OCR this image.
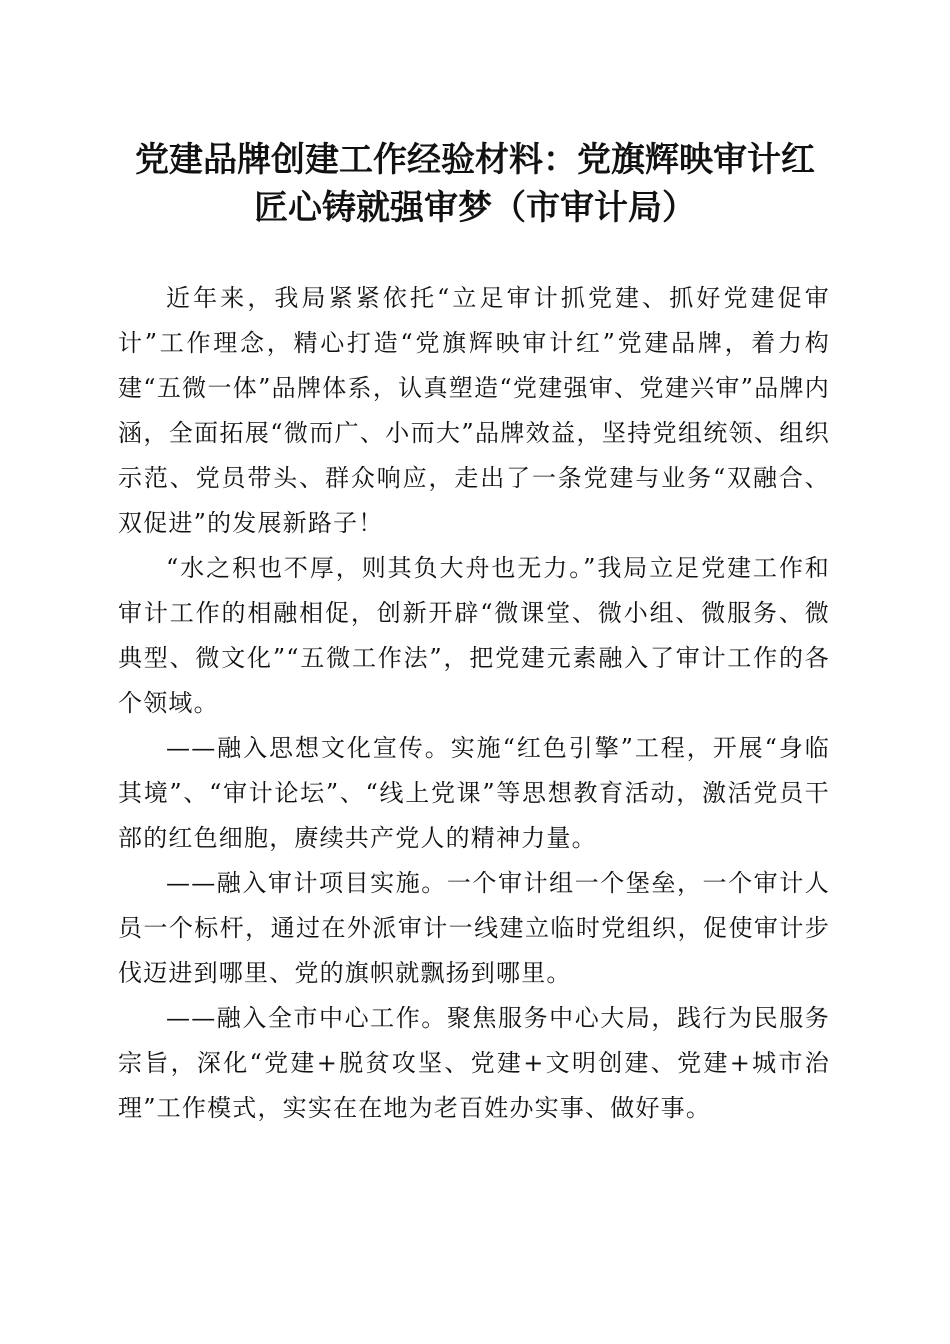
党建品牌创建工作经验材料：党旗辉映审计红
匠心铸就强审梦（市审计局）

近年来，我局紧紧依托“立足审计抓党建、抓好党建促审计”工作理念，精心打造“党旗辉映审计红”党建品牌，着力构建“五微一体”品牌体系，认真塑造“党建强审、党建兴审”品牌内涵，全面拓展“微而广、小而大”品牌效益，坚持党组统领、组织示范、党员带头、群众响应，走出了一条党建与业务“双融合、双促进”的发展新路子！

“水之积也不厚，则其负大舟也无力。”我局立足党建工作和审计工作的相融相促，创新开辟“微课堂、微小组、微服务、微典型、微文化”“五微工作法”，把党建元素融入了审计工作的各个领域。

——融入思想文化宣传。实施“红色引擎”工程，开展“身临其境”、“审计论坛”、“线上党课”等思想教育活动，激活党员干部的红色细胞，赓续共产党人的精神力量。

——融入审计项目实施。一个审计组一个堡垒，一个审计人员一个标杆，通过在外派审计一线建立临时党组织，促使审计步伐迈进到哪里、党的旗帜就飘扬到哪里。

——融入全市中心工作。聚焦服务中心大局，践行为民服务宗旨，深化“党建+脱贫攻坚、党建+文明创建、党建+城市治理”工作模式，实实在在地为老百姓办实事、做好事。
